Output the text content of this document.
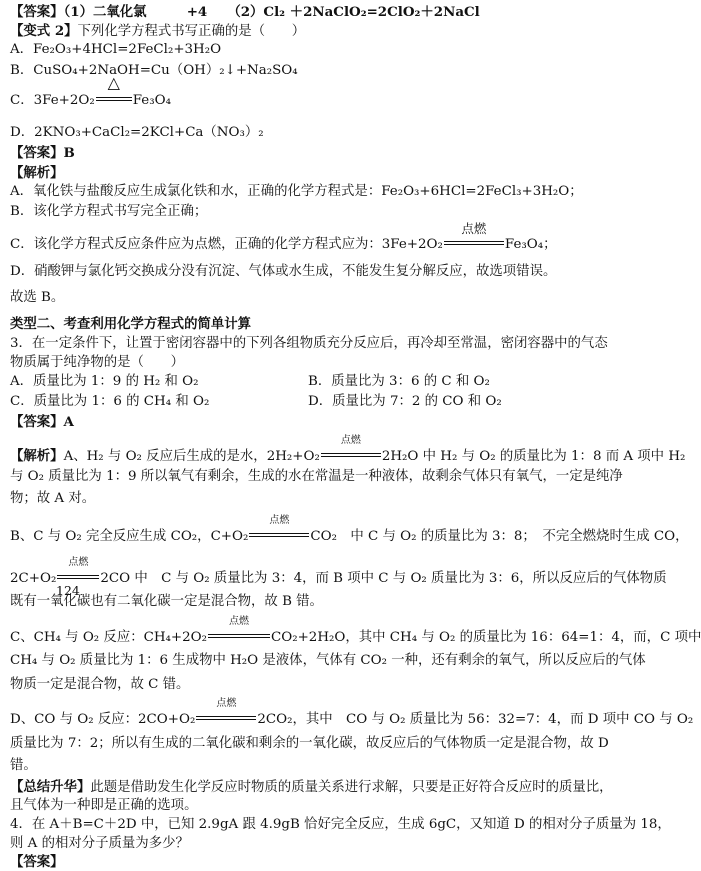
【答案】（1）二氧化氯　　　+4　　（2）Cl₂ ＋2NaClO₂=2ClO₂＋2NaCl
【变式 2】下列化学方程式书写正确的是（　　）
A．Fe₂O₃+4HCl=2FeCl₂+3H₂O
B．CuSO₄+2NaOH=Cu（OH）₂↓+Na₂SO₄
C．3Fe+2O₂
△
Fe₃O₄
D．2KNO₃+CaCl₂=2KCl+Ca（NO₃）₂
【答案】B
【解析】
A．氧化铁与盐酸反应生成氯化铁和水，正确的化学方程式是：Fe₂O₃+6HCl=2FeCl₃+3H₂O；
B．该化学方程式书写完全正确；
C．该化学方程式反应条件应为点燃，正确的化学方程式应为：3Fe+2O₂
点燃
Fe₃O₄；
D．硝酸钾与氯化钙交换成分没有沉淀、气体或水生成，不能发生复分解反应，故选项错误。
故选 B。
类型二、考查利用化学方程式的简单计算
3．在一定条件下，让置于密闭容器中的下列各组物质充分反应后，再冷却至常温，密闭容器中的气态
物质属于纯净物的是（　　）
A．质量比为 1：9 的 H₂ 和 O₂	B．质量比为 3：6 的 C 和 O₂
C．质量比为 1：6 的 CH₄ 和 O₂	D．质量比为 7：2 的 CO 和 O₂
【答案】A
【解析】A、H₂ 与 O₂ 反应后生成的是水，2H₂+O₂
点燃
2H₂O 中 H₂ 与 O₂ 的质量比为 1：8 而 A 项中 H₂
与 O₂ 质量比为 1：9 所以氧气有剩余，生成的水在常温是一种液体，故剩余气体只有氧气，一定是纯净
物；故 A 对。
B、C 与 O₂ 完全反应生成 CO₂，C+O₂
点燃
CO₂　中 C 与 O₂ 的质量比为 3：8；　不完全燃烧时生成 CO，
2C+O₂
点燃
2CO 中　C 与 O₂ 质量比为 3：4，而 B 项中 C 与 O₂ 质量比为 3：6，所以反应后的气体物质
124
既有一氧化碳也有二氧化碳一定是混合物，故 B 错。
C、CH₄ 与 O₂ 反应：CH₄+2O₂
点燃
CO₂+2H₂O，其中 CH₄ 与 O₂ 的质量比为 16：64=1：4，而，C 项中
CH₄ 与 O₂ 质量比为 1：6 生成物中 H₂O 是液体，气体有 CO₂ 一种，还有剩余的氧气，所以反应后的气体
物质一定是混合物，故 C 错。
D、CO 与 O₂ 反应：2CO+O₂
点燃
2CO₂，其中　CO 与 O₂ 质量比为 56：32=7：4，而 D 项中 CO 与 O₂
质量比为 7：2；所以有生成的二氧化碳和剩余的一氧化碳，故反应后的气体物质一定是混合物，故 D
错。
【总结升华】此题是借助发生化学反应时物质的质量关系进行求解，只要是正好符合反应时的质量比，
且气体为一种即是正确的选项。
4．在 A＋B=C＋2D 中，已知 2.9gA 跟 4.9gB 恰好完全反应，生成 6gC，又知道 D 的相对分子质量为 18，
则 A 的相对分子质量为多少？
【答案】
